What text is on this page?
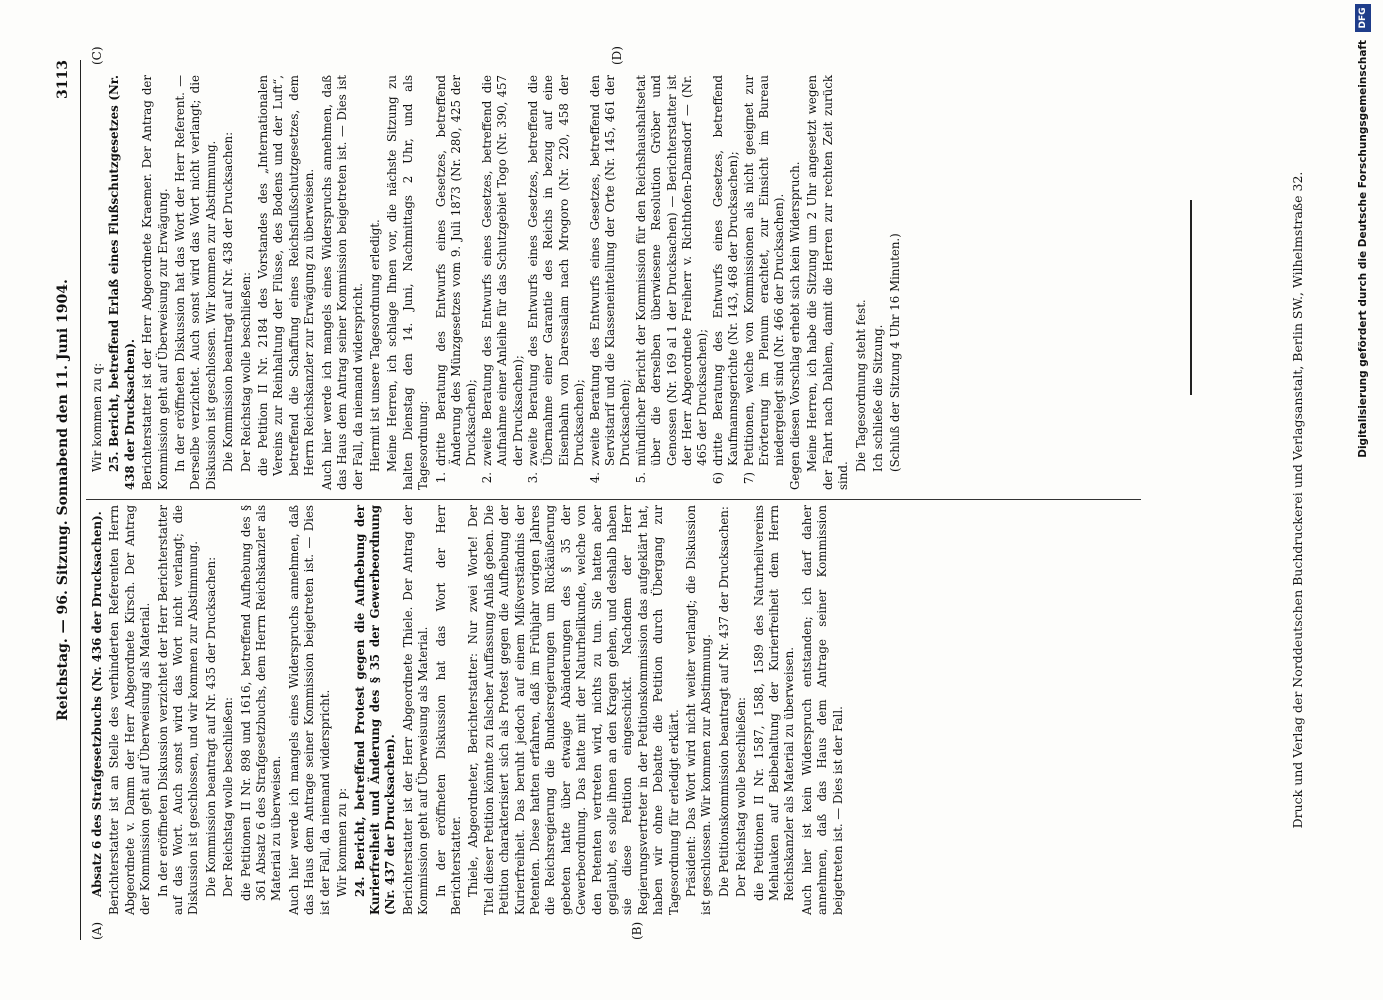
Reichstag. — 96. Sitzung. Sonnabend den 11. Juni 1904.
3113
(A)	(B)
(C)	(D)

Absatz 6 des Strafgesetzbuchs (Nr. 436 der Drucksachen). Berichterstatter ist an Stelle des verhinderten Referenten Herrn Abgeordnete v. Damm der Herr Abgeordnete Kirsch. Der Antrag der Kommission geht auf Überweisung als Material. In der eröffneten Diskussion verzichtet der Herr Berichterstatter auf das Wort. Auch sonst wird das Wort nicht verlangt; die Diskussion ist geschlossen, und wir kommen zur Abstimmung. Die Kommission beantragt auf Nr. 435 der Drucksachen: Der Reichstag wolle beschließen: die Petitionen II Nr. 898 und 1616, betreffend Aufhebung des § 361 Absatz 6 des Strafgesetzbuchs, dem Herrn Reichskanzler als Material zu überweisen. Auch hier werde ich mangels eines Widerspruchs annehmen, daß das Haus dem Antrage seiner Kommission beigetreten ist. — Dies ist der Fall, da niemand widerspricht. Wir kommen zu p: 24. Bericht, betreffend Protest gegen die Aufhebung der Kurierfreiheit und Änderung des § 35 der Gewerbeordnung (Nr. 437 der Drucksachen). Berichterstatter ist der Herr Abgeordnete Thiele. Der Antrag der Kommission geht auf Überweisung als Material. In der eröffneten Diskussion hat das Wort der Herr Berichterstatter. Thiele, Abgeordneter, Berichterstatter: Nur zwei Worte! Der Titel dieser Petition könnte zu falscher Auffassung Anlaß geben. Die Petition charakterisiert sich als Protest gegen die Aufhebung der Kurierfreiheit. Das beruht jedoch auf einem Mißverständnis der Petenten. Diese hatten erfahren, daß im Frühjahr vorigen Jahres die Reichsregierung die Bundesregierungen um Rückäußerung gebeten hatte über etwaige Abänderungen des § 35 der Gewerbeordnung. Das hatte mit der Naturheilkunde, welche von den Petenten vertreten wird, nichts zu tun. Sie hatten aber geglaubt, es solle ihnen an den Kragen gehen, und deshalb haben sie diese Petition eingeschickt. Nachdem der Herr Regierungsvertreter in der Petitionskommission das aufgeklärt hat, haben wir ohne Debatte die Petition durch Übergang zur Tagesordnung für erledigt erklärt. Präsident: Das Wort wird nicht weiter verlangt; die Diskussion ist geschlossen. Wir kommen zur Abstimmung. Die Petitionskommission beantragt auf Nr. 437 der Drucksachen: Der Reichstag wolle beschließen: die Petitionen II Nr. 1587, 1588, 1589 des Naturheilvereins Mehlauken auf Beibehaltung der Kurierfreiheit dem Herrn Reichskanzler als Material zu überweisen. Auch hier ist kein Widerspruch entstanden; ich darf daher annehmen, daß das Haus dem Antrage seiner Kommission beigetreten ist. — Dies ist der Fall.

Wir kommen zu q: 25. Bericht, betreffend Erlaß eines Flußschutzgesetzes (Nr. 438 der Drucksachen). Berichterstatter ist der Herr Abgeordnete Kraemer. Der Antrag der Kommission geht auf Überweisung zur Erwägung. In der eröffneten Diskussion hat das Wort der Herr Referent. — Derselbe verzichtet. Auch sonst wird das Wort nicht verlangt; die Diskussion ist geschlossen. Wir kommen zur Abstimmung. Die Kommission beantragt auf Nr. 438 der Drucksachen: Der Reichstag wolle beschließen: die Petition II Nr. 2184 des Vorstandes des „Internationalen Vereins zur Reinhaltung der Flüsse, des Bodens und der Luft“, betreffend die Schaffung eines Reichsflußschutzgesetzes, dem Herrn Reichskanzler zur Erwägung zu überweisen. Auch hier werde ich mangels eines Widerspruchs annehmen, daß das Haus dem Antrag seiner Kommission beigetreten ist. — Dies ist der Fall, da niemand widerspricht. Hiermit ist unsere Tagesordnung erledigt. Meine Herren, ich schlage Ihnen vor, die nächste Sitzung zu halten Dienstag den 14. Juni, Nachmittags 2 Uhr, und als Tagesordnung: 1.
dritte Beratung des Entwurfs eines Gesetzes, betreffend Änderung des Münzgesetzes vom 9. Juli 1873 (Nr. 280, 425 der Drucksachen);
2.
zweite Beratung des Entwurfs eines Gesetzes, betreffend die Aufnahme einer Anleihe für das Schutzgebiet Togo (Nr. 390, 457 der Drucksachen);
3.
zweite Beratung des Entwurfs eines Gesetzes, betreffend die Übernahme einer Garantie des Reichs in bezug auf eine Eisenbahn von Daressalam nach Mrogoro (Nr. 220, 458 der Drucksachen);
4.
zweite Beratung des Entwurfs eines Gesetzes, betreffend den Servistarif und die Klasseneinteilung der Orte (Nr. 145, 461 der Drucksachen);
5.
mündlicher Bericht der Kommission für den Reichshaushaltsetat über die derselben überwiesene Resolution Gröber und Genossen (Nr. 169 al 1 der Drucksachen) — Berichterstatter ist der Herr Abgeordnete Freiherr v. Richthofen-Damsdorf — (Nr. 465 der Drucksachen);
6)
dritte Beratung des Entwurfs eines Gesetzes, betreffend Kaufmannsgerichte (Nr. 143, 468 der Drucksachen);
7)
Petitionen, welche von Kommissionen als nicht geeignet zur Erörterung im Plenum erachtet, zur Einsicht im Bureau niedergelegt sind (Nr. 466 der Drucksachen). Gegen diesen Vorschlag erhebt sich kein Widerspruch. Meine Herren, ich habe die Sitzung um 2 Uhr angesetzt wegen der Fahrt nach Dahlem, damit die Herren zur rechten Zeit zurück sind.

Die Tagesordnung steht fest. Ich schließe die Sitzung. (Schluß der Sitzung 4 Uhr 16 Minuten.)	Druck und Verlag der Norddeutschen Buchdruckerei und Verlagsanstalt, Berlin SW., Wilhelmstraße 32.	Digitalisierung gefördert durch die Deutsche Forschungsgemeinschaft
DFG
